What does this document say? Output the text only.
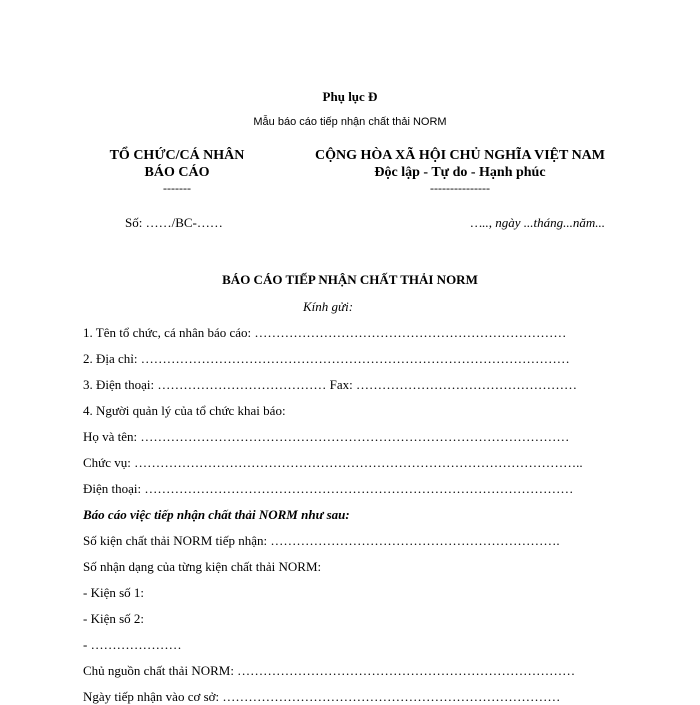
Phụ lục Đ
Mẫu báo cáo tiếp nhận chất thải NORM
TỔ CHỨC/CÁ NHÂN
BÁO CÁO
-------
Số: ……/BC-……
CỘNG HÒA XÃ HỘI CHỦ NGHĨA VIỆT NAM
Độc lập - Tự do - Hạnh phúc
---------------
….., ngày ...tháng...năm...
BÁO CÁO TIẾP NHẬN CHẤT THẢI NORM
Kính gửi:
1. Tên tổ chức, cá nhân báo cáo: ………………………………………………………………
2. Địa chỉ: ………………………………………………………………………………………
3. Điện thoại: ………………………………… Fax: ……………………………………………
4. Người quản lý của tổ chức khai báo:
Họ và tên: ………………………………………………………………………………………
Chức vụ: …………………………………………………………………………………………..
Điện thoại: ………………………………………………………………………………………
Báo cáo việc tiếp nhận chất thải NORM như sau:
Số kiện chất thải NORM tiếp nhận: ………………………………………………………….
Số nhận dạng của từng kiện chất thải NORM:
- Kiện số 1:
- Kiện số 2:
- …………………
Chủ nguồn chất thải NORM: ……………………………………………………………………
Ngày tiếp nhận vào cơ sở: ……………………………………………………………………
